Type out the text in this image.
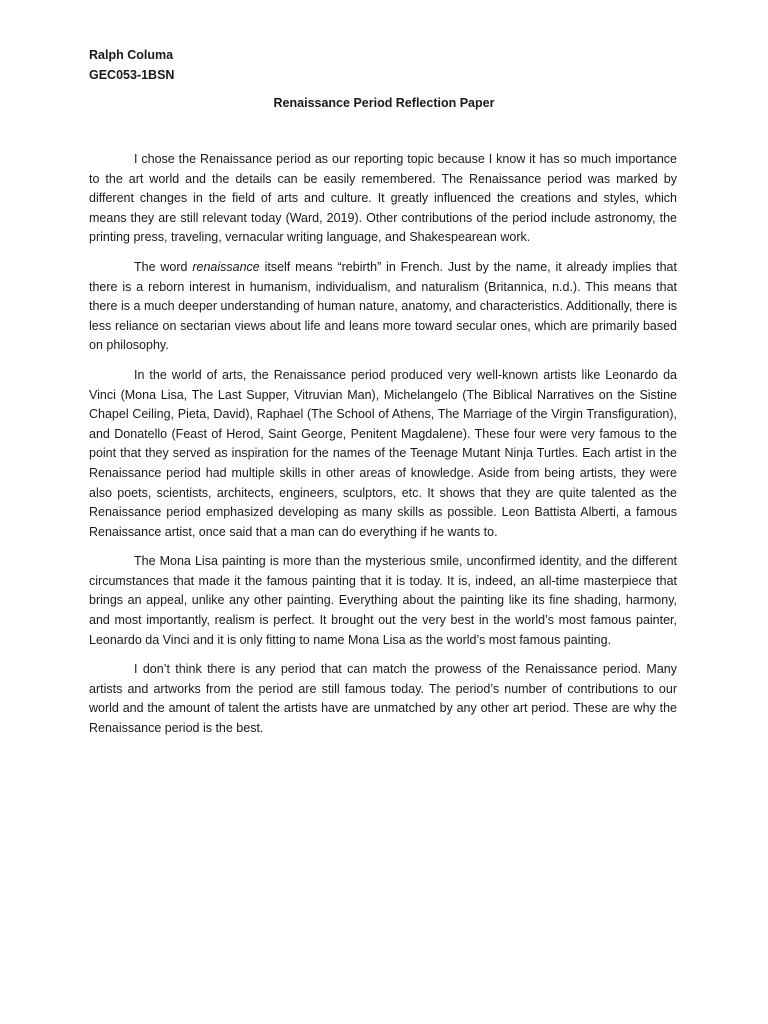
Ralph Columa
GEC053-1BSN
Renaissance Period Reflection Paper

I chose the Renaissance period as our reporting topic because I know it has so much importance to the art world and the details can be easily remembered. The Renaissance period was marked by different changes in the field of arts and culture. It greatly influenced the creations and styles, which means they are still relevant today (Ward, 2019). Other contributions of the period include astronomy, the printing press, traveling, vernacular writing language, and Shakespearean work.

The word renaissance itself means “rebirth” in French. Just by the name, it already implies that there is a reborn interest in humanism, individualism, and naturalism (Britannica, n.d.). This means that there is a much deeper understanding of human nature, anatomy, and characteristics. Additionally, there is less reliance on sectarian views about life and leans more toward secular ones, which are primarily based on philosophy.

In the world of arts, the Renaissance period produced very well-known artists like Leonardo da Vinci (Mona Lisa, The Last Supper, Vitruvian Man), Michelangelo (The Biblical Narratives on the Sistine Chapel Ceiling, Pieta, David), Raphael (The School of Athens, The Marriage of the Virgin Transfiguration), and Donatello (Feast of Herod, Saint George, Penitent Magdalene). These four were very famous to the point that they served as inspiration for the names of the Teenage Mutant Ninja Turtles. Each artist in the Renaissance period had multiple skills in other areas of knowledge. Aside from being artists, they were also poets, scientists, architects, engineers, sculptors, etc. It shows that they are quite talented as the Renaissance period emphasized developing as many skills as possible. Leon Battista Alberti, a famous Renaissance artist, once said that a man can do everything if he wants to.

The Mona Lisa painting is more than the mysterious smile, unconfirmed identity, and the different circumstances that made it the famous painting that it is today. It is, indeed, an all-time masterpiece that brings an appeal, unlike any other painting. Everything about the painting like its fine shading, harmony, and most importantly, realism is perfect. It brought out the very best in the world’s most famous painter, Leonardo da Vinci and it is only fitting to name Mona Lisa as the world’s most famous painting.

I don’t think there is any period that can match the prowess of the Renaissance period. Many artists and artworks from the period are still famous today. The period’s number of contributions to our world and the amount of talent the artists have are unmatched by any other art period. These are why the Renaissance period is the best.
